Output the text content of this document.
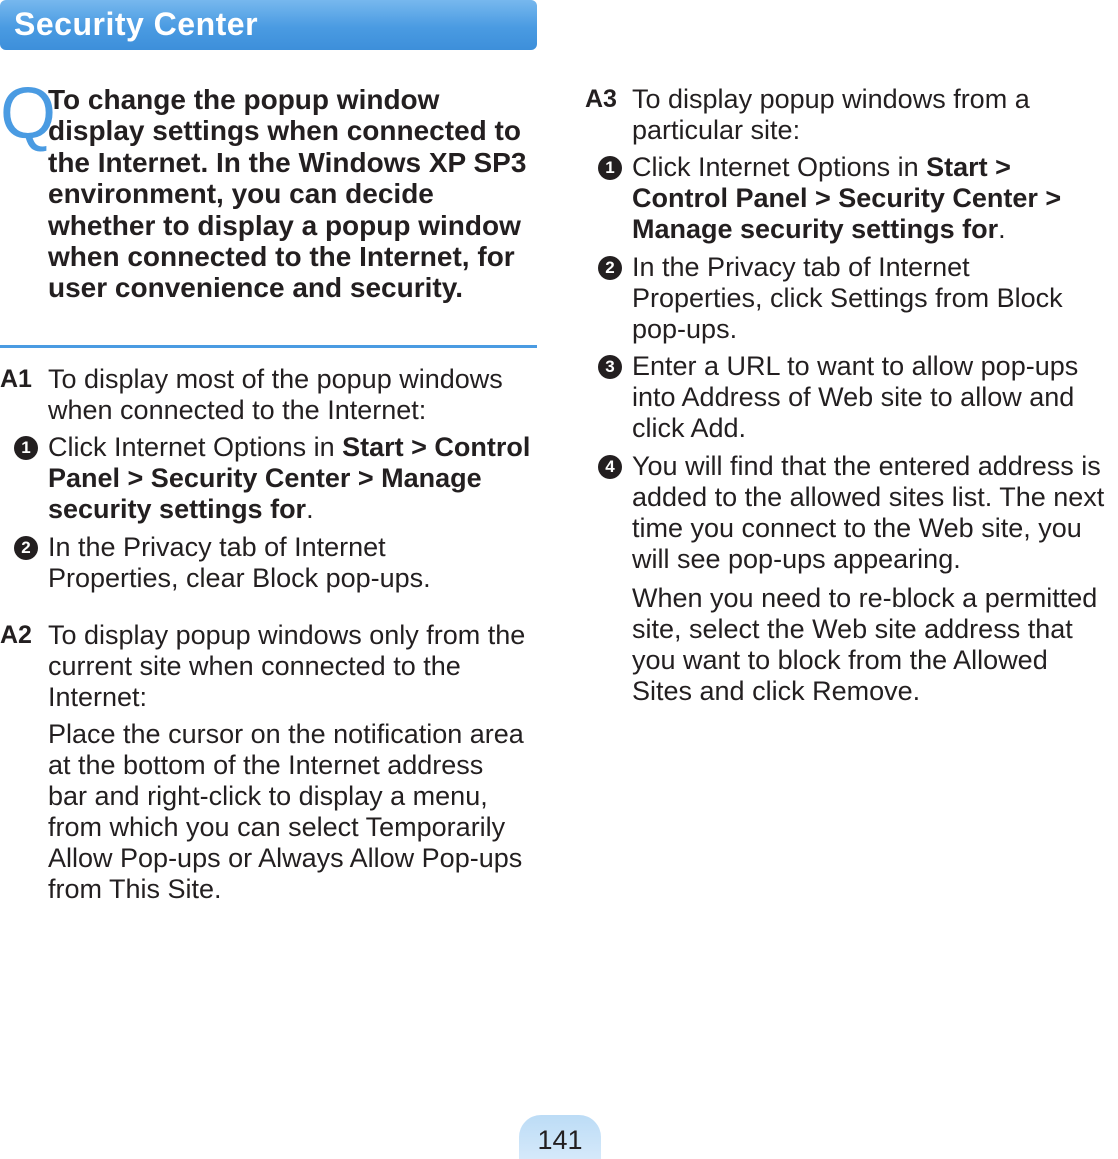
Security Center
Q

To change the popup window display settings when connected to the Internet. In the Windows XP SP3 environment, you can decide whether to display a popup window when connected to the Internet, for user convenience and security.

A1 To display most of the popup windows when connected to the Internet:

1 Click Internet Options in Start > Control Panel > Security Center > Manage security settings for.

2 In the Privacy tab of Internet Properties, clear Block pop-ups.

A2 To display popup windows only from the current site when connected to the Internet:

Place the cursor on the notification area at the bottom of the Internet address bar and right-click to display a menu, from which you can select Temporarily Allow Pop-ups or Always Allow Pop-ups from This Site.

A3 To display popup windows from a particular site:

1 Click Internet Options in Start > Control Panel > Security Center > Manage security settings for.

2 In the Privacy tab of Internet Properties, click Settings from Block pop-ups.

3 Enter a URL to want to allow pop-ups into Address of Web site to allow and click Add.

4 You will find that the entered address is added to the allowed sites list. The next time you connect to the Web site, you will see pop-ups appearing.

When you need to re-block a permitted site, select the Web site address that you want to block from the Allowed Sites and click Remove.

141
